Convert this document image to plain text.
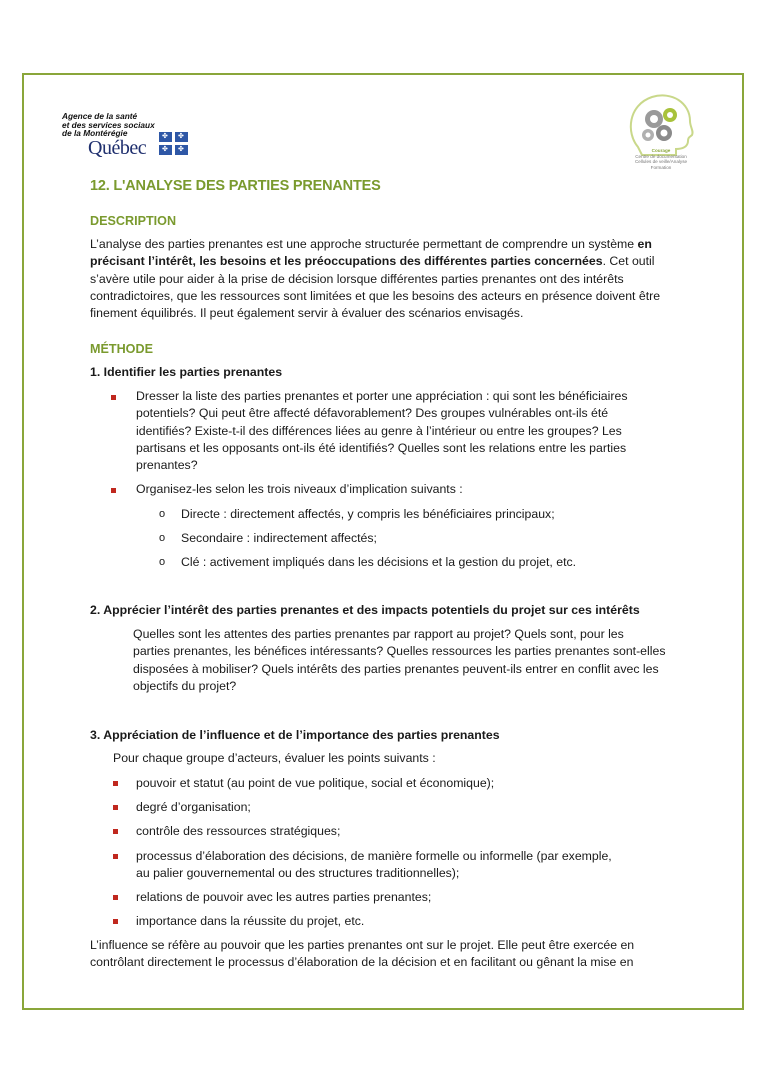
Agence de la santé
et des services sociaux
de la Montérégie
Québec
✤ ✤
✤ ✤	Courage
Centre de documentation
Cellules de veille/Analyse
Formation
12. L'ANALYSE DES PARTIES PRENANTES
DESCRIPTION
L’analyse des parties prenantes est une approche structurée permettant de comprendre un système en
précisant l’intérêt, les besoins et les préoccupations des différentes parties concernées. Cet outil
s’avère utile pour aider à la prise de décision lorsque différentes parties prenantes ont des intérêts
contradictoires, que les ressources sont limitées et que les besoins des acteurs en présence doivent être
finement équilibrés. Il peut également servir à évaluer des scénarios envisagés.
MÉTHODE
1. Identifier les parties prenantes
Dresser la liste des parties prenantes et porter une appréciation : qui sont les bénéficiaires
potentiels? Qui peut être affecté défavorablement? Des groupes vulnérables ont-ils été
identifiés? Existe-t-il des différences liées au genre à l’intérieur ou entre les groupes? Les
partisans et les opposants ont-ils été identifiés? Quelles sont les relations entre les parties
prenantes?
Organisez-les selon les trois niveaux d’implication suivants :
o Directe : directement affectés, y compris les bénéficiaires principaux;
o Secondaire : indirectement affectés;
o Clé : activement impliqués dans les décisions et la gestion du projet, etc.
2. Apprécier l’intérêt des parties prenantes et des impacts potentiels du projet sur ces intérêts
Quelles sont les attentes des parties prenantes par rapport au projet? Quels sont, pour les
parties prenantes, les bénéfices intéressants? Quelles ressources les parties prenantes sont-elles
disposées à mobiliser? Quels intérêts des parties prenantes peuvent-ils entrer en conflit avec les
objectifs du projet?
3. Appréciation de l’influence et de l’importance des parties prenantes
Pour chaque groupe d’acteurs, évaluer les points suivants :
pouvoir et statut (au point de vue politique, social et économique);
degré d’organisation;
contrôle des ressources stratégiques;
processus d’élaboration des décisions, de manière formelle ou informelle (par exemple,
au palier gouvernemental ou des structures traditionnelles);
relations de pouvoir avec les autres parties prenantes;
importance dans la réussite du projet, etc.
L’influence se réfère au pouvoir que les parties prenantes ont sur le projet. Elle peut être exercée en
contrôlant directement le processus d’élaboration de la décision et en facilitant ou gênant la mise en
